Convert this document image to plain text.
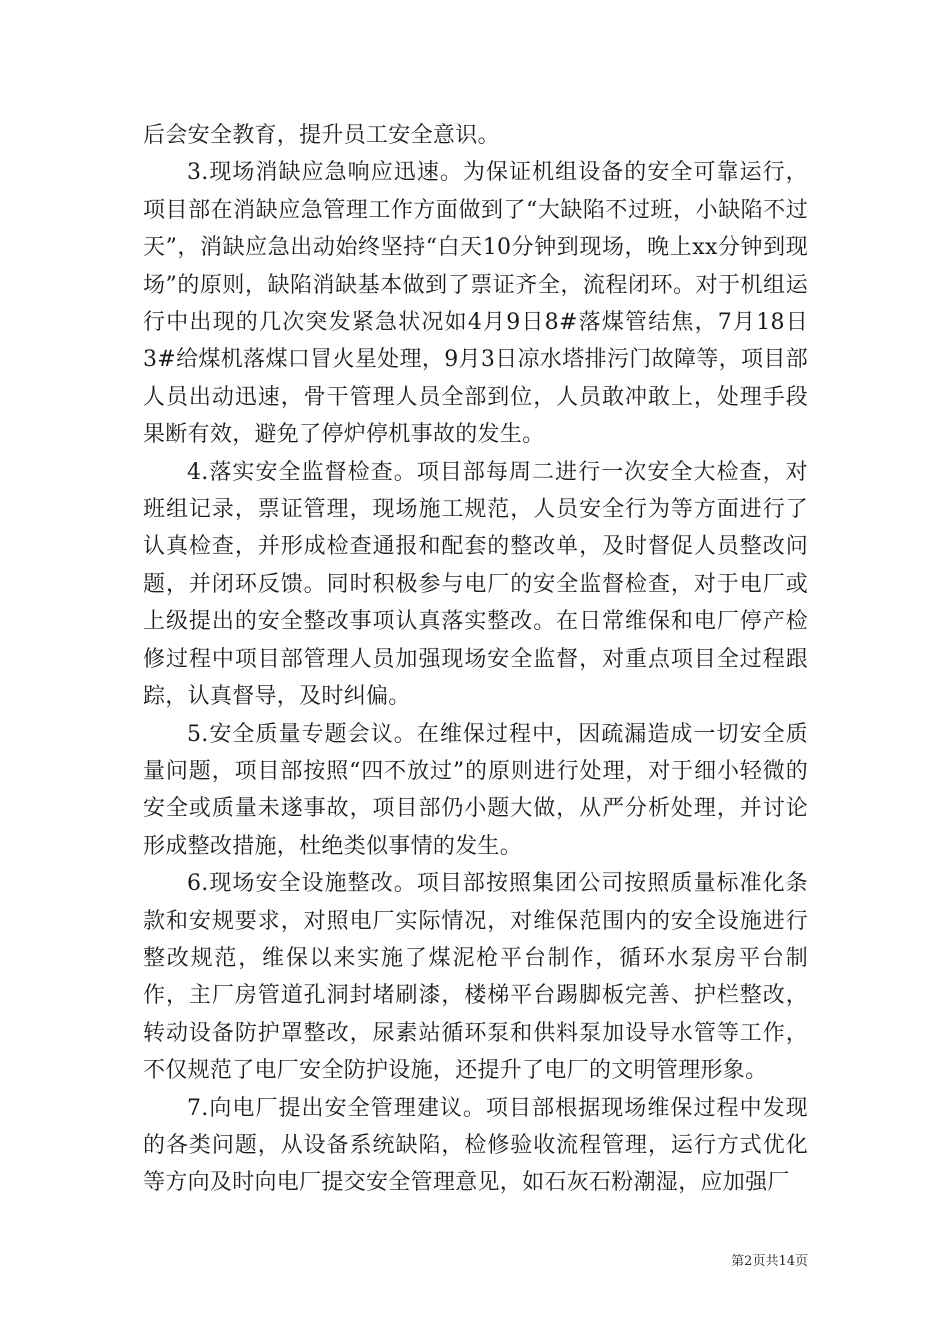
后会安全教育，提升员工安全意识。

3.现场消缺应急响应迅速。为保证机组设备的安全可靠运行，项目部在消缺应急管理工作方面做到了“大缺陷不过班，小缺陷不过天”，消缺应急出动始终坚持“白天10分钟到现场，晚上xx分钟到现场”的原则，缺陷消缺基本做到了票证齐全，流程闭环。对于机组运行中出现的几次突发紧急状况如4月9日8#落煤管结焦，7月18日3#给煤机落煤口冒火星处理，9月3日凉水塔排污门故障等，项目部人员出动迅速，骨干管理人员全部到位，人员敢冲敢上，处理手段果断有效，避免了停炉停机事故的发生。

4.落实安全监督检查。项目部每周二进行一次安全大检查，对班组记录，票证管理，现场施工规范，人员安全行为等方面进行了认真检查，并形成检查通报和配套的整改单，及时督促人员整改问题，并闭环反馈。同时积极参与电厂的安全监督检查，对于电厂或上级提出的安全整改事项认真落实整改。在日常维保和电厂停产检修过程中项目部管理人员加强现场安全监督，对重点项目全过程跟踪，认真督导，及时纠偏。

5.安全质量专题会议。在维保过程中，因疏漏造成一切安全质量问题，项目部按照“四不放过”的原则进行处理，对于细小轻微的安全或质量未遂事故，项目部仍小题大做，从严分析处理，并讨论形成整改措施，杜绝类似事情的发生。

6.现场安全设施整改。项目部按照集团公司按照质量标准化条款和安规要求，对照电厂实际情况，对维保范围内的安全设施进行整改规范，维保以来实施了煤泥枪平台制作，循环水泵房平台制作，主厂房管道孔洞封堵刷漆，楼梯平台踢脚板完善、护栏整改，转动设备防护罩整改，尿素站循环泵和供料泵加设导水管等工作，不仅规范了电厂安全防护设施，还提升了电厂的文明管理形象。

7.向电厂提出安全管理建议。项目部根据现场维保过程中发现的各类问题，从设备系统缺陷，检修验收流程管理，运行方式优化等方向及时向电厂提交安全管理意见，如石灰石粉潮湿，应加强厂

第2页共14页
